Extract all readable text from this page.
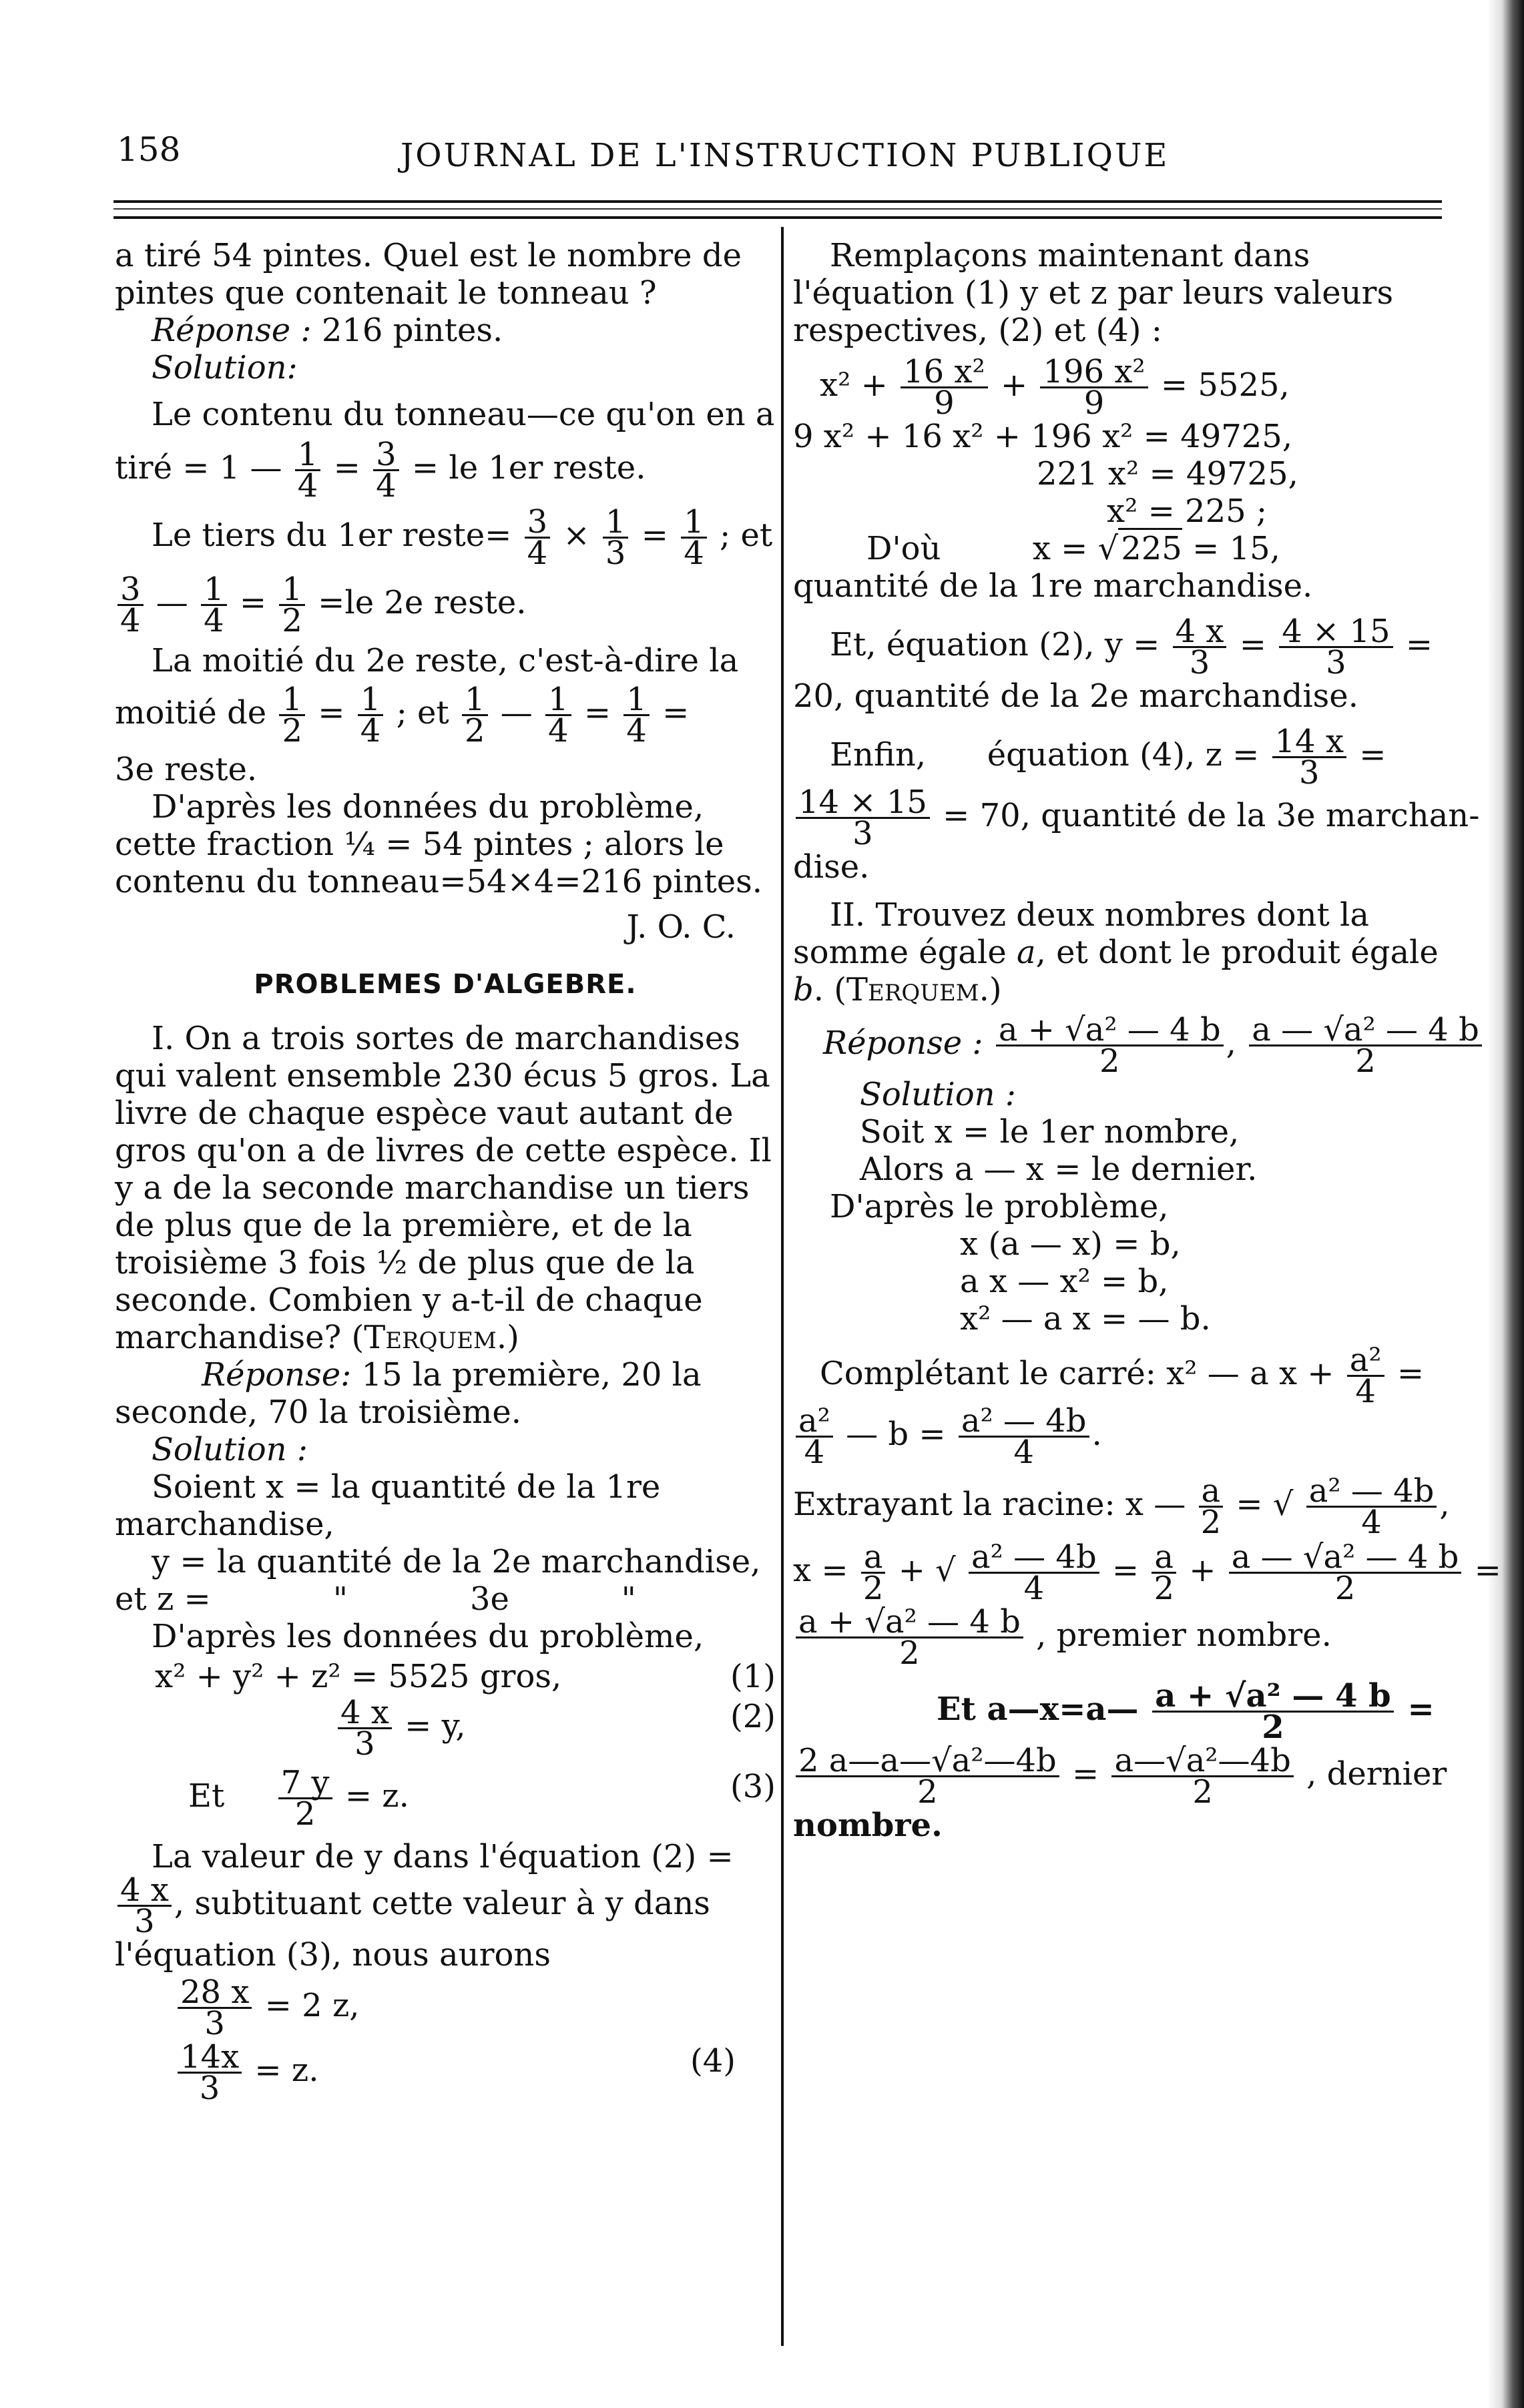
158	JOURNAL DE L'INSTRUCTION PUBLIQUE

a tiré 54 pintes. Quel est le nombre de pintes que contenait le tonneau ?

Réponse : 216 pintes.

Solution:

Le contenu du tonneau—ce qu'on en a

tiré = 1 — $\frac{1}{4} = \frac{3}{4}$ = le 1er reste.

Le tiers du 1er reste= $\frac{3}{4} \times \frac{1}{3} = \frac{1}{4}$ ; et

$\frac{3}{4}$ — $\frac{1}{4} = \frac{1}{2} =le$ 2e reste.

La moitié du 2e reste, c'est-à-dire la

moitié de $\frac{1}{2} = \frac{1}{4}$ ; et $\frac{1}{2}$ — $\frac{1}{4} = \frac{1}{4}$ =

3e reste.

D'après les données du problème, cette fraction ¼ = 54 pintes ; alors le contenu du tonneau=54×4=216 pintes.

J. O. C.

PROBLEMES D'ALGEBRE.

I. On a trois sortes de marchandises qui valent ensemble 230 écus 5 gros. La livre de chaque espèce vaut autant de gros qu'on a de livres de cette espèce. Il y a de la seconde marchandise un tiers de plus que de la première, et de la troisième 3 fois ½ de plus que de la seconde. Combien y a-t-il de chaque marchandise? (Terquem.)

Réponse: 15 la première, 20 la seconde, 70 la troisième.

Solution :

Soient x = la quantité de la 1re marchandise,

y = la quantité de la 2e marchandise,

et z =            "            3e           "

D'après les données du problème,

x² + y² + z² = 5525 gros,	(1)

$\frac{4 x}{3} = y$,	(2)

Et $\frac{7 y}{2} = z$.	(3)

La valeur de y dans l'équation (2) =

$\frac{4 x}{3}$ , subtituant cette valeur à y dans

l'équation (3), nous aurons

$\frac{28 x}{3} = 2$ z,

$\frac{14x}{3} = z$.	(4)

Remplaçons maintenant dans l'équation (1) y et z par leurs valeurs respectives, (2) et (4) :

$x^2 + \frac{\text{16 x²}}{9} + \frac{\text{196 x²}}{9} = 5525$,

9 x² + 16 x² + 196 x² = 49725,

221 x² = 49725,

x² = 225 ;

D'où	x = √225 = 15,

quantité de la 1re marchandise.

Et, équation (2), $y = \frac{4 x}{3} = \frac{4 \times 15}{3}$ =

20, quantité de la 2e marchandise.

Enfin,      équation (4), $z = \frac{14 x}{3}$ =

$\frac{14 \times 15}{3} = 70$, quantité de la 3e marchan-

dise.

II. Trouvez deux nombres dont la somme égale a, et dont le produit égale b. (Terquem.)

Réponse : $\frac{\text{a + √a² — 4 b}}{2}$ , $\frac{\text{a — √a² — 4 b}}{2}$

Solution :

Soit x = le 1er nombre,

Alors a — x = le dernier.

D'après le problème,

x (a — x) = b,

a x — x² = b,

x² — a x = — b.

Complétant le carré: x² — a $x + \frac{\text{a²}}{4}$ =

$\frac{\text{a²}}{4}$ — $b = \frac{\text{a² — 4b}}{4}$ .

Extrayant la racine: x — $\frac{a}{2}$ = √ $\frac{\text{a² — 4b}}{4}$ ,

$x = \frac{a}{2}$ + √ $\frac{\text{a² — 4b}}{4} = \frac{a}{2} + \frac{\text{a — √a² — 4 b}}{2}$ =

$\frac{\text{a + √a² — 4 b}}{2}$ , premier nombre.

Et a—x=a— $\frac{\text{a + √a² — 4 b}}{2}$ =

$\frac{\text{2 a—a—√a²—4b}}{2} = \frac{\text{a—√a²—4b}}{2}$ , dernier

nombre.
